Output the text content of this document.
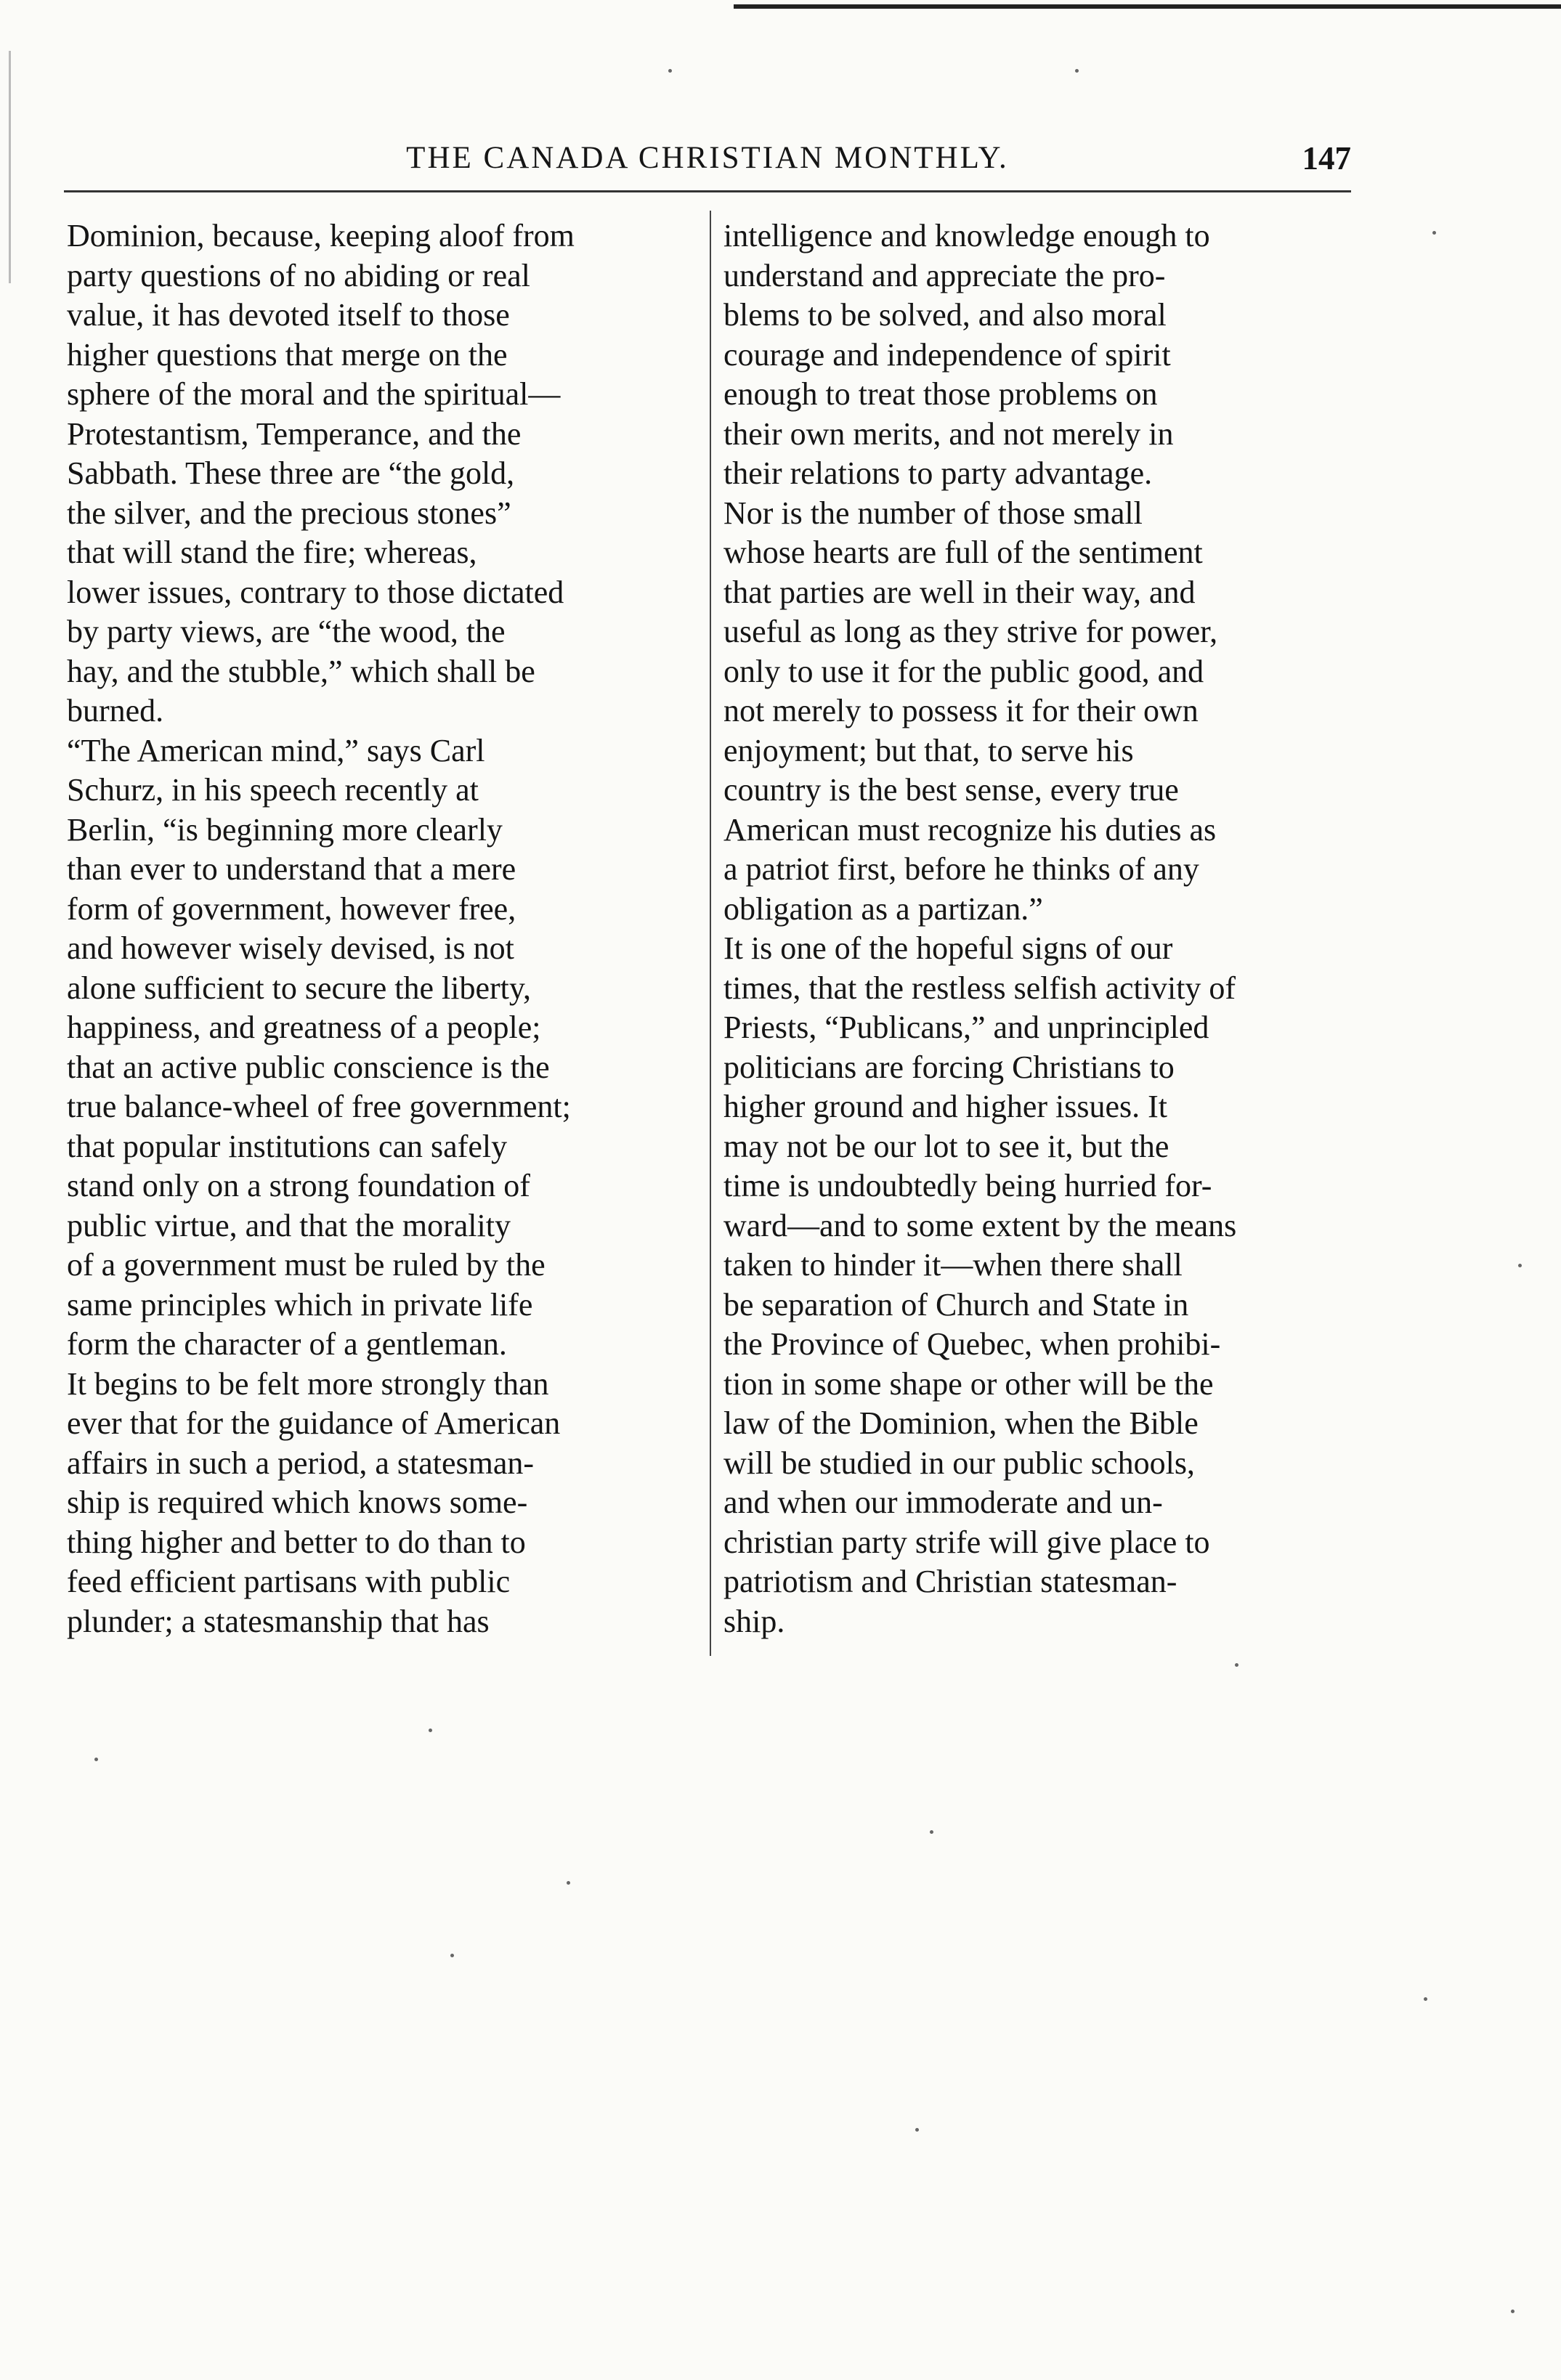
THE CANADA CHRISTIAN MONTHLY.	147
Dominion, because, keeping aloof from
party questions of no abiding or real
value, it has devoted itself to those
higher questions that merge on the
sphere of the moral and the spiritual—
Protestantism, Temperance, and the
Sabbath. These three are “the gold,
the silver, and the precious stones”
that will stand the fire; whereas,
lower issues, contrary to those dictated
by party views, are “the wood, the
hay, and the stubble,” which shall be
burned.
“The American mind,” says Carl
Schurz, in his speech recently at
Berlin, “is beginning more clearly
than ever to understand that a mere
form of government, however free,
and however wisely devised, is not
alone sufficient to secure the liberty,
happiness, and greatness of a people;
that an active public conscience is the
true balance-wheel of free government;
that popular institutions can safely
stand only on a strong foundation of
public virtue, and that the morality
of a government must be ruled by the
same principles which in private life
form the character of a gentleman.
It begins to be felt more strongly than
ever that for the guidance of American
affairs in such a period, a statesman-
ship is required which knows some-
thing higher and better to do than to
feed efficient partisans with public
plunder; a statesmanship that has
intelligence and knowledge enough to
understand and appreciate the pro-
blems to be solved, and also moral
courage and independence of spirit
enough to treat those problems on
their own merits, and not merely in
their relations to party advantage.
Nor is the number of those small
whose hearts are full of the sentiment
that parties are well in their way, and
useful as long as they strive for power,
only to use it for the public good, and
not merely to possess it for their own
enjoyment; but that, to serve his
country is the best sense, every true
American must recognize his duties as
a patriot first, before he thinks of any
obligation as a partizan.”
It is one of the hopeful signs of our
times, that the restless selfish activity of
Priests, “Publicans,” and unprincipled
politicians are forcing Christians to
higher ground and higher issues. It
may not be our lot to see it, but the
time is undoubtedly being hurried for-
ward—and to some extent by the means
taken to hinder it—when there shall
be separation of Church and State in
the Province of Quebec, when prohibi-
tion in some shape or other will be the
law of the Dominion, when the Bible
will be studied in our public schools,
and when our immoderate and un-
christian party strife will give place to
patriotism and Christian statesman-
ship.
